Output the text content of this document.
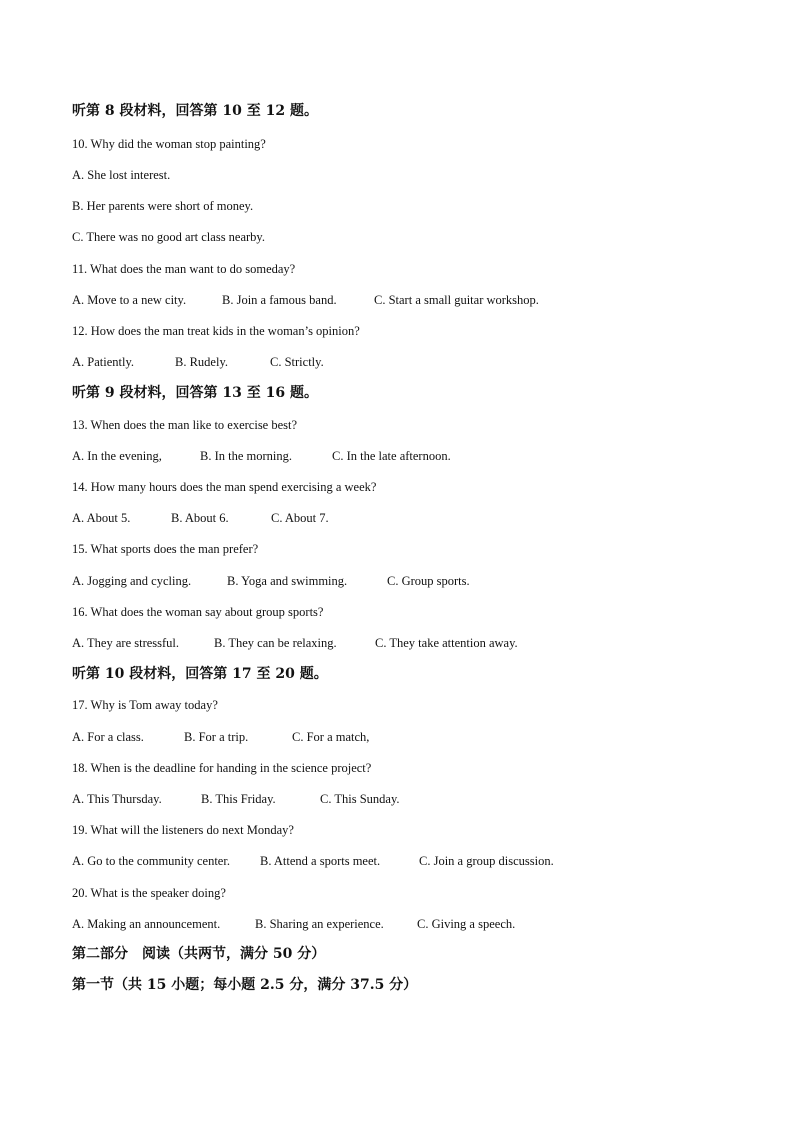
听第 8 段材料，回答第 10 至 12 题。
10. Why did the woman stop painting?
A. She lost interest.
B. Her parents were short of money.
C. There was no good art class nearby.
11. What does the man want to do someday?
A. Move to a new city.	B. Join a famous band.	C. Start a small guitar workshop.
12. How does the man treat kids in the woman’s opinion?
A. Patiently.	B. Rudely.	C. Strictly.
听第 9 段材料，回答第 13 至 16 题。
13. When does the man like to exercise best?
A. In the evening,	B. In the morning.	C. In the late afternoon.
14. How many hours does the man spend exercising a week?
A. About 5.	B. About 6.	C. About 7.
15. What sports does the man prefer?
A. Jogging and cycling.	B. Yoga and swimming.	C. Group sports.
16. What does the woman say about group sports?
A. They are stressful.	B. They can be relaxing.	C. They take attention away.
听第 10 段材料，回答第 17 至 20 题。
17. Why is Tom away today?
A. For a class.	B. For a trip.	C. For a match,
18. When is the deadline for handing in the science project?
A. This Thursday.	B. This Friday.	C. This Sunday.
19. What will the listeners do next Monday?
A. Go to the community center. B. Attend a sports meet.	C. Join a group discussion.
20. What is the speaker doing?
A. Making an announcement.	B. Sharing an experience.	C. Giving a speech.
第二部分　阅读（共两节，满分 50 分）
第一节（共 15 小题；每小题 2.5 分，满分 37.5 分）
